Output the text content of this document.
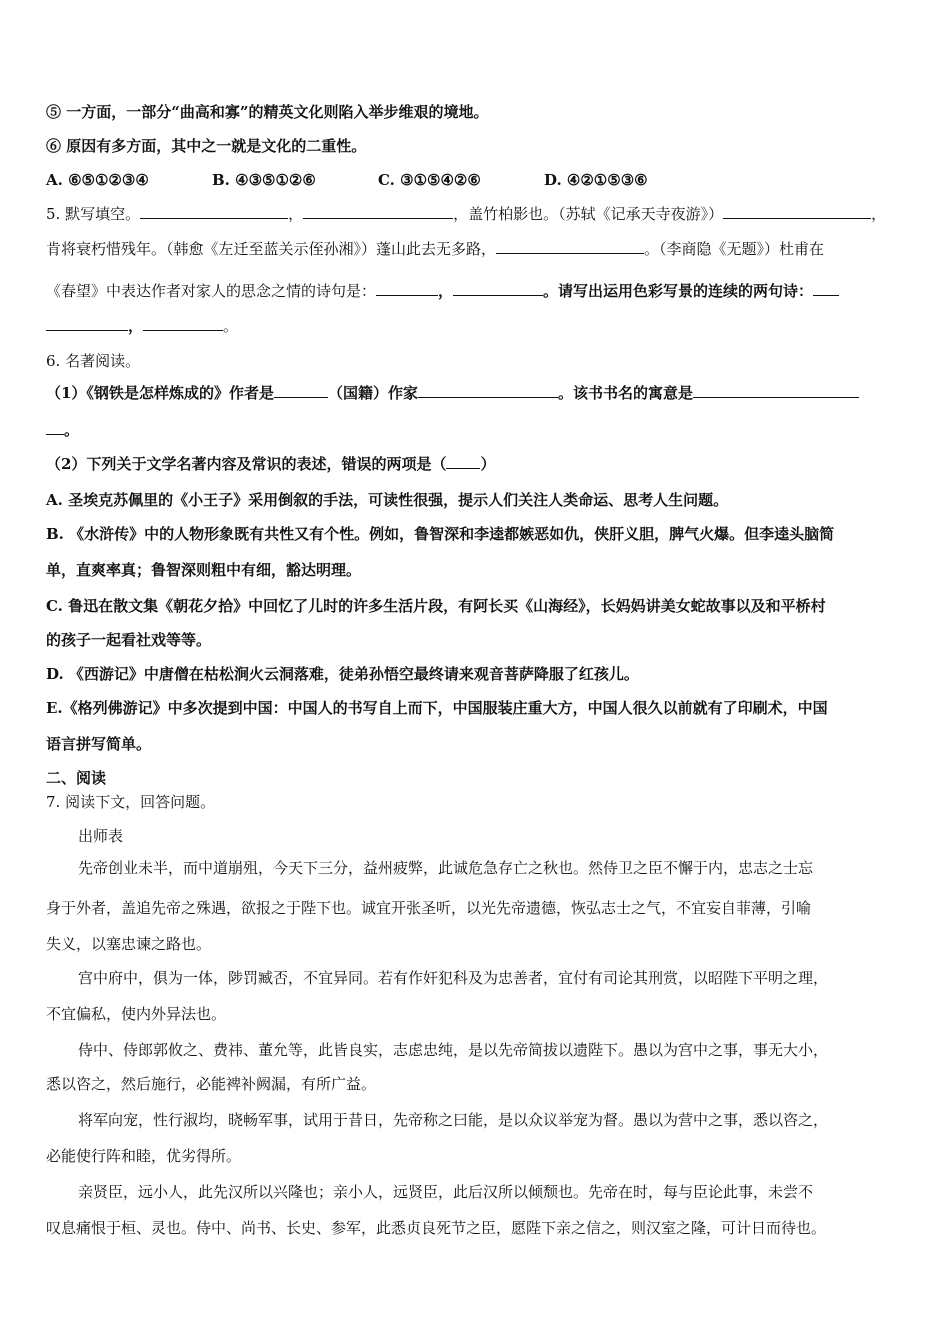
⑤ 一方面，一部分“曲高和寡”的精英文化则陷入举步维艰的境地。
⑥ 原因有多方面，其中之一就是文化的二重性。
A. ⑥⑤①②③④	B. ④③⑤①②⑥	C. ③①⑤④②⑥	D. ④②①⑤③⑥
5. 默写填空。	，	，盖竹柏影也。（苏轼《记承天寺夜游》）	，
肯将衰朽惜残年。（韩愈《左迁至蓝关示侄孙湘》）蓬山此去无多路，	。（李商隐《无题》）杜甫在
《春望》中表达作者对家人的思念之情的诗句是：	，	。请写出运用色彩写景的连续的两句诗：
，	。
6. 名著阅读。
（1）《钢铁是怎样炼成的》作者是	（国籍）作家	。该书书名的寓意是
。
（2）下列关于文学名著内容及常识的表述，错误的两项是（ ）
A. 圣埃克苏佩里的《小王子》采用倒叙的手法，可读性很强，提示人们关注人类命运、思考人生问题。
B. 《水浒传》中的人物形象既有共性又有个性。例如，鲁智深和李逵都嫉恶如仇，侠肝义胆，脾气火爆。但李逵头脑简
单，直爽率真；鲁智深则粗中有细，豁达明理。
C. 鲁迅在散文集《朝花夕拾》中回忆了儿时的许多生活片段，有阿长买《山海经》，长妈妈讲美女蛇故事以及和平桥村
的孩子一起看社戏等等。
D. 《西游记》中唐僧在枯松涧火云洞落难，徒弟孙悟空最终请来观音菩萨降服了红孩儿。
E.《格列佛游记》中多次提到中国：中国人的书写自上而下，中国服装庄重大方，中国人很久以前就有了印刷术，中国
语言拼写简单。
二、阅读
7. 阅读下文，回答问题。
出师表
先帝创业未半，而中道崩殂，今天下三分，益州疲弊，此诚危急存亡之秋也。然侍卫之臣不懈于内，忠志之士忘
身于外者，盖追先帝之殊遇，欲报之于陛下也。诚宜开张圣听，以光先帝遗德，恢弘志士之气，不宜妄自菲薄，引喻
失义，以塞忠谏之路也。
宫中府中，俱为一体，陟罚臧否，不宜异同。若有作奸犯科及为忠善者，宜付有司论其刑赏，以昭陛下平明之理，
不宜偏私，使内外异法也。
侍中、侍郎郭攸之、费祎、董允等，此皆良实，志虑忠纯，是以先帝简拔以遗陛下。愚以为宫中之事，事无大小，
悉以咨之，然后施行，必能裨补阙漏，有所广益。
将军向宠，性行淑均，晓畅军事，试用于昔日，先帝称之曰能，是以众议举宠为督。愚以为营中之事，悉以咨之，
必能使行阵和睦，优劣得所。
亲贤臣，远小人，此先汉所以兴隆也；亲小人，远贤臣，此后汉所以倾颓也。先帝在时，每与臣论此事，未尝不
叹息痛恨于桓、灵也。侍中、尚书、长史、参军，此悉贞良死节之臣，愿陛下亲之信之，则汉室之隆，可计日而待也。
